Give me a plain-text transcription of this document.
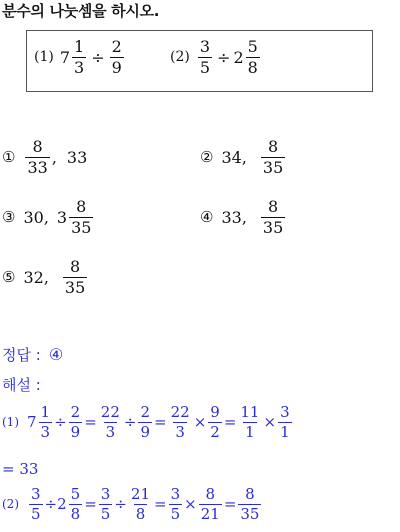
분수의 나눗셈을 하시오.
(1) $7 \frac{1}{3} \div \frac{2}{9}$	$(2) \frac{3}{5} \div 2 \frac{5}{8}$
① $\frac{8}{33}$ , 33	② 34, $\frac{8}{35}$
③ 30, $3 \frac{8}{35}$	④ 33, $\frac{8}{35}$
⑤ 32, $\frac{8}{35}$
정답 : ④
해설 :
(1) $7 \frac{1}{3} \div \frac{2}{9} = \frac{22}{3} \div \frac{2}{9} = \frac{22}{3} \times \frac{9}{2} = \frac{11}{1} \times \frac{3}{1}$
= 33
$(2) \frac{3}{5} \div 2 \frac{5}{8} = \frac{3}{5} \div \frac{21}{8} = \frac{3}{5} \times \frac{8}{21} = \frac{8}{35}$
